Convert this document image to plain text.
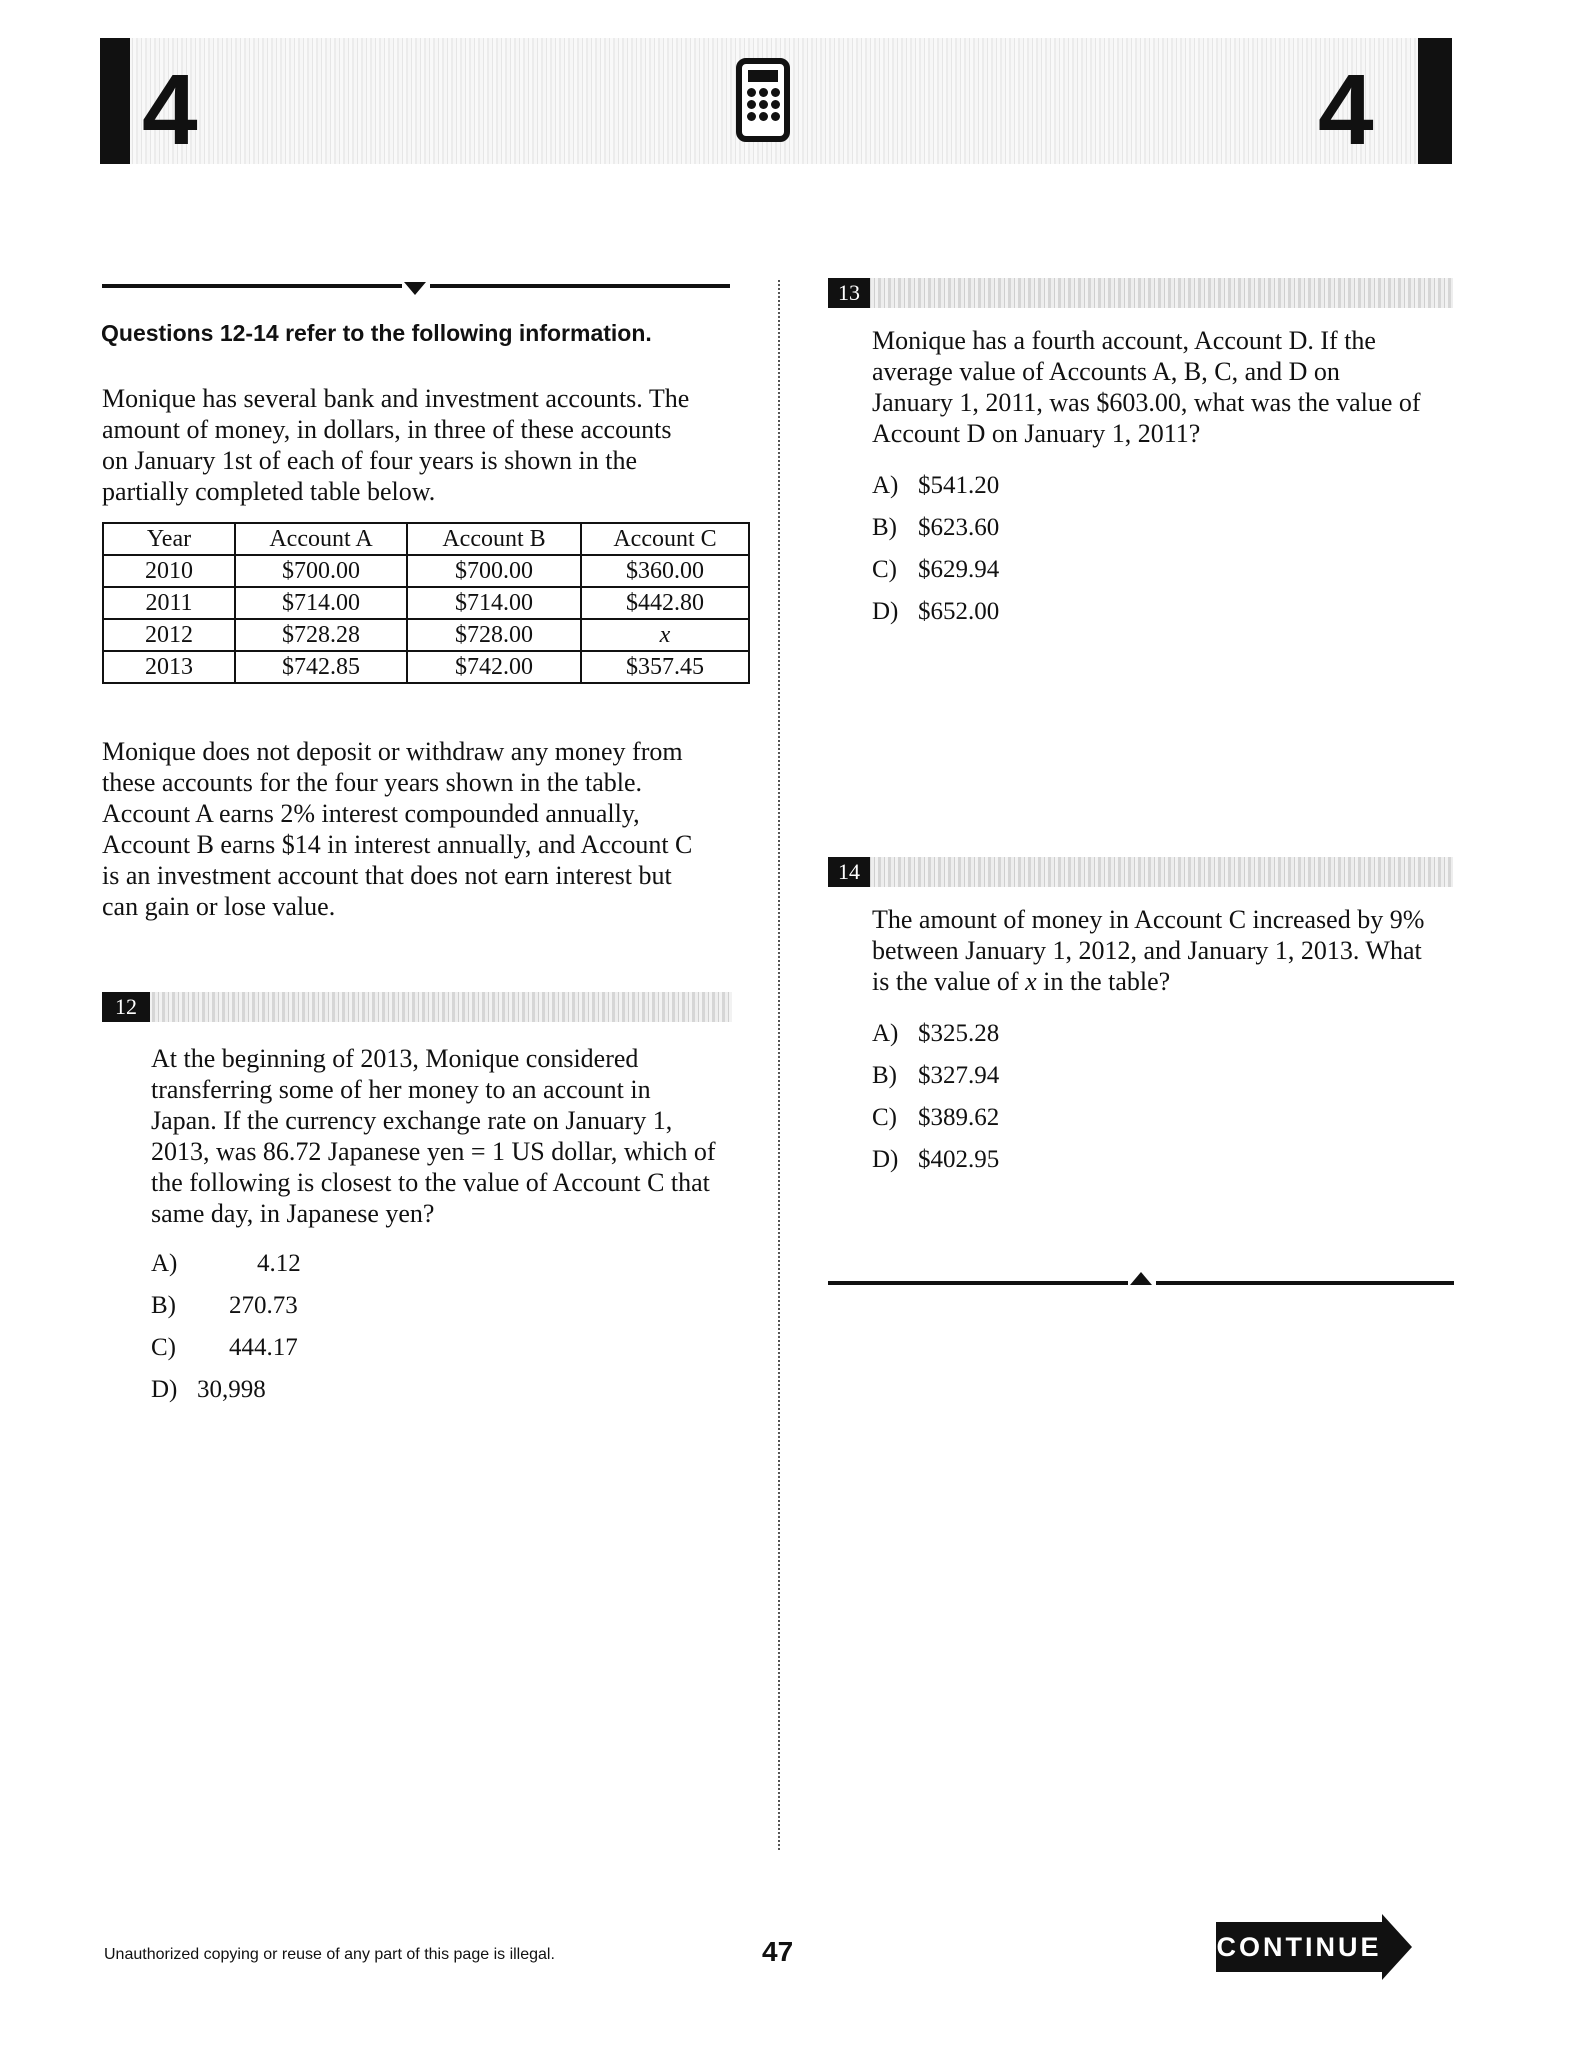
4	4
Questions 12-14 refer to the following information.
Monique has several bank and investment accounts. The
amount of money, in dollars, in three of these accounts
on January 1st of each of four years is shown in the
partially completed table below.
Year	Account A	Account B	Account C
2010	$700.00	$700.00	$360.00
2011	$714.00	$714.00	$442.80
2012	$728.28	$728.00	x
2013	$742.85	$742.00	$357.45
Monique does not deposit or withdraw any money from
these accounts for the four years shown in the table.
Account A earns 2% interest compounded annually,
Account B earns $14 in interest annually, and Account C
is an investment account that does not earn interest but
can gain or lose value.
12
At the beginning of 2013, Monique considered
transferring some of her money to an account in
Japan. If the currency exchange rate on January 1,
2013, was 86.72 Japanese yen = 1 US dollar, which of
the following is closest to the value of Account C that
same day, in Japanese yen?
A)	4.12
B) 270.73
C) 444.17
D) 30,998
13
Monique has a fourth account, Account D. If the
average value of Accounts A, B, C, and D on
January 1, 2011, was $603.00, what was the value of
Account D on January 1, 2011?
A) $541.20
B) $623.60
C) $629.94
D) $652.00
14
The amount of money in Account C increased by 9%
between January 1, 2012, and January 1, 2013. What
is the value of x in the table?
A) $325.28
B) $327.94
C) $389.62
D) $402.95
Unauthorized copying or reuse of any part of this page is illegal.	47	CONTINUE
